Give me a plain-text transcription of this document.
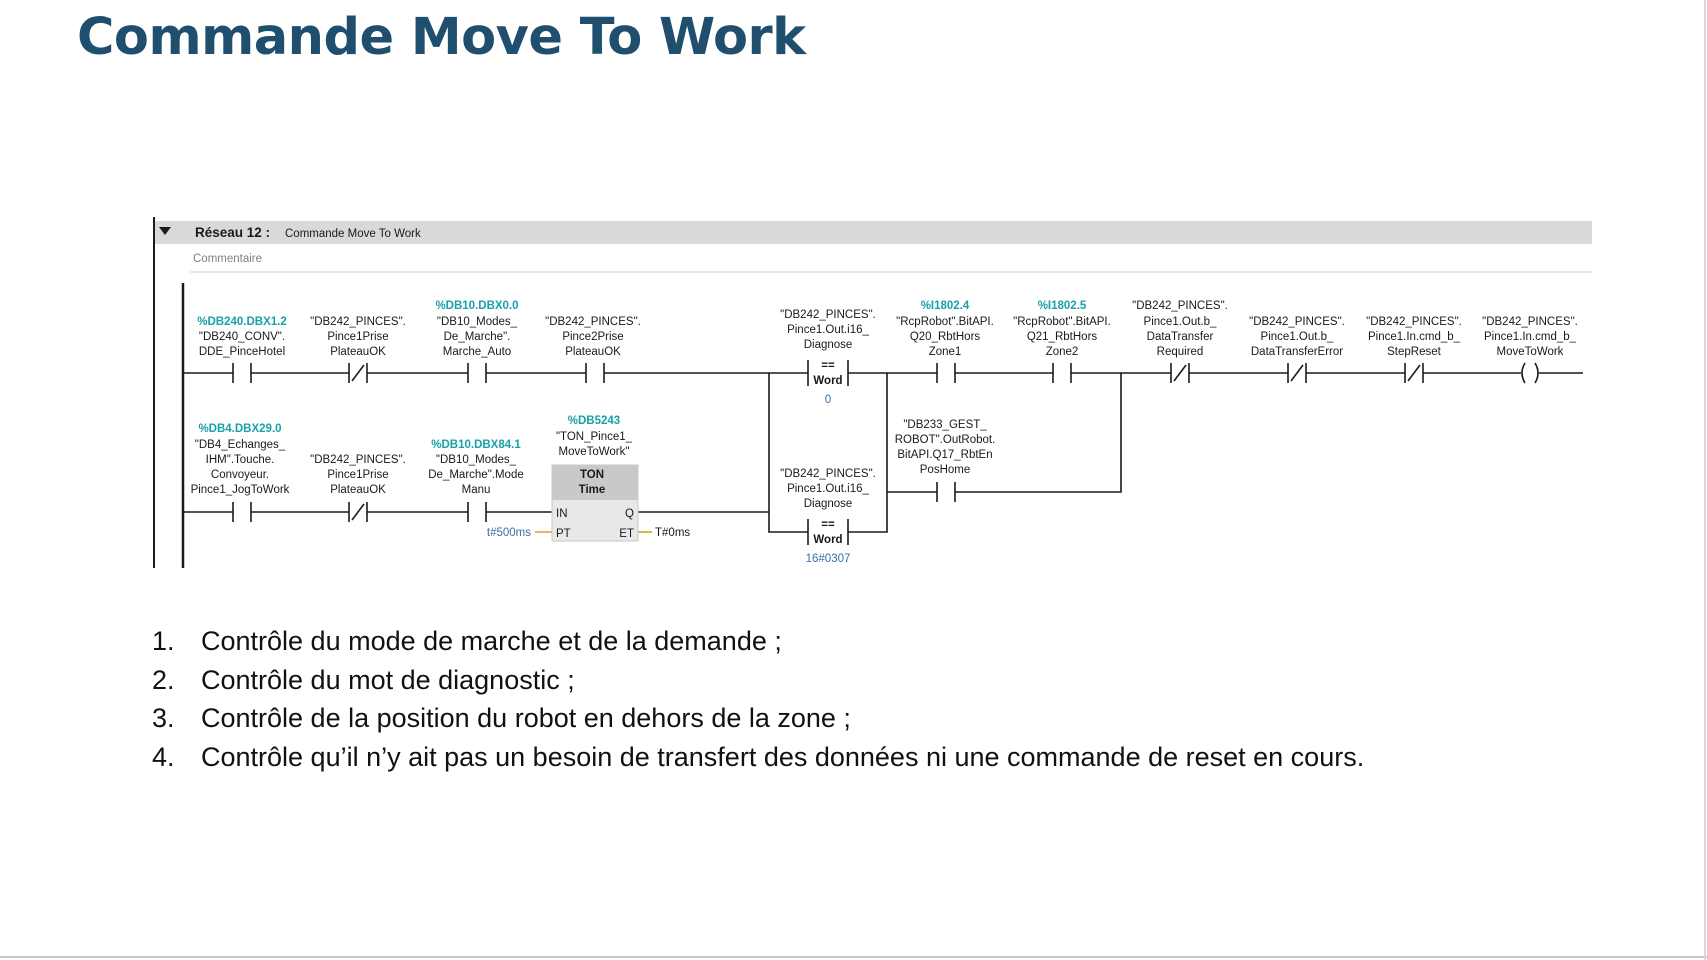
Commande Move To Work
Réseau 12 : Commande Move To Work
Commentaire
%DB240.DBX1.2
"DB240_CONV".
DDE_PinceHotel
"DB242_PINCES".
Pince1Prise
PlateauOK
%DB10.DBX0.0
"DB10_Modes_
De_Marche".
Marche_Auto
"DB242_PINCES".
Pince2Prise
PlateauOK
%I1802.4
"RcpRobot".BitAPI.
Q20_RbtHors
Zone1
%I1802.5
"RcpRobot".BitAPI.
Q21_RbtHors
Zone2
"DB242_PINCES".
Pince1.Out.b_
DataTransfer
Required
"DB242_PINCES".
Pince1.Out.b_
DataTransferError
"DB242_PINCES".
Pince1.In.cmd_b_
StepReset
"DB242_PINCES".
Pince1.In.cmd_b_
MoveToWork
%DB4.DBX29.0
"DB4_Echanges_
IHM".Touche.
Convoyeur.
Pince1_JogToWork
"DB242_PINCES".
Pince1Prise
PlateauOK
%DB10.DBX84.1
"DB10_Modes_
De_Marche".Mode
Manu
"DB233_GEST_
ROBOT".OutRobot.
BitAPI.Q17_RbtEn
PosHome
==
Word
"DB242_PINCES".
Pince1.Out.i16_
Diagnose
0
==
Word
"DB242_PINCES".
Pince1.Out.i16_
Diagnose
16#0307
%DB5243
"TON_Pince1_
MoveToWork"
TON
Time
IN
PT
Q
ET
t#500ms	T#0ms
1. Contrôle du mode de marche et de la demande ;
2. Contrôle du mot de diagnostic ;
3. Contrôle de la position du robot en dehors de la zone ;
4. Contrôle qu’il n’y ait pas un besoin de transfert des données ni une commande de reset en cours.
